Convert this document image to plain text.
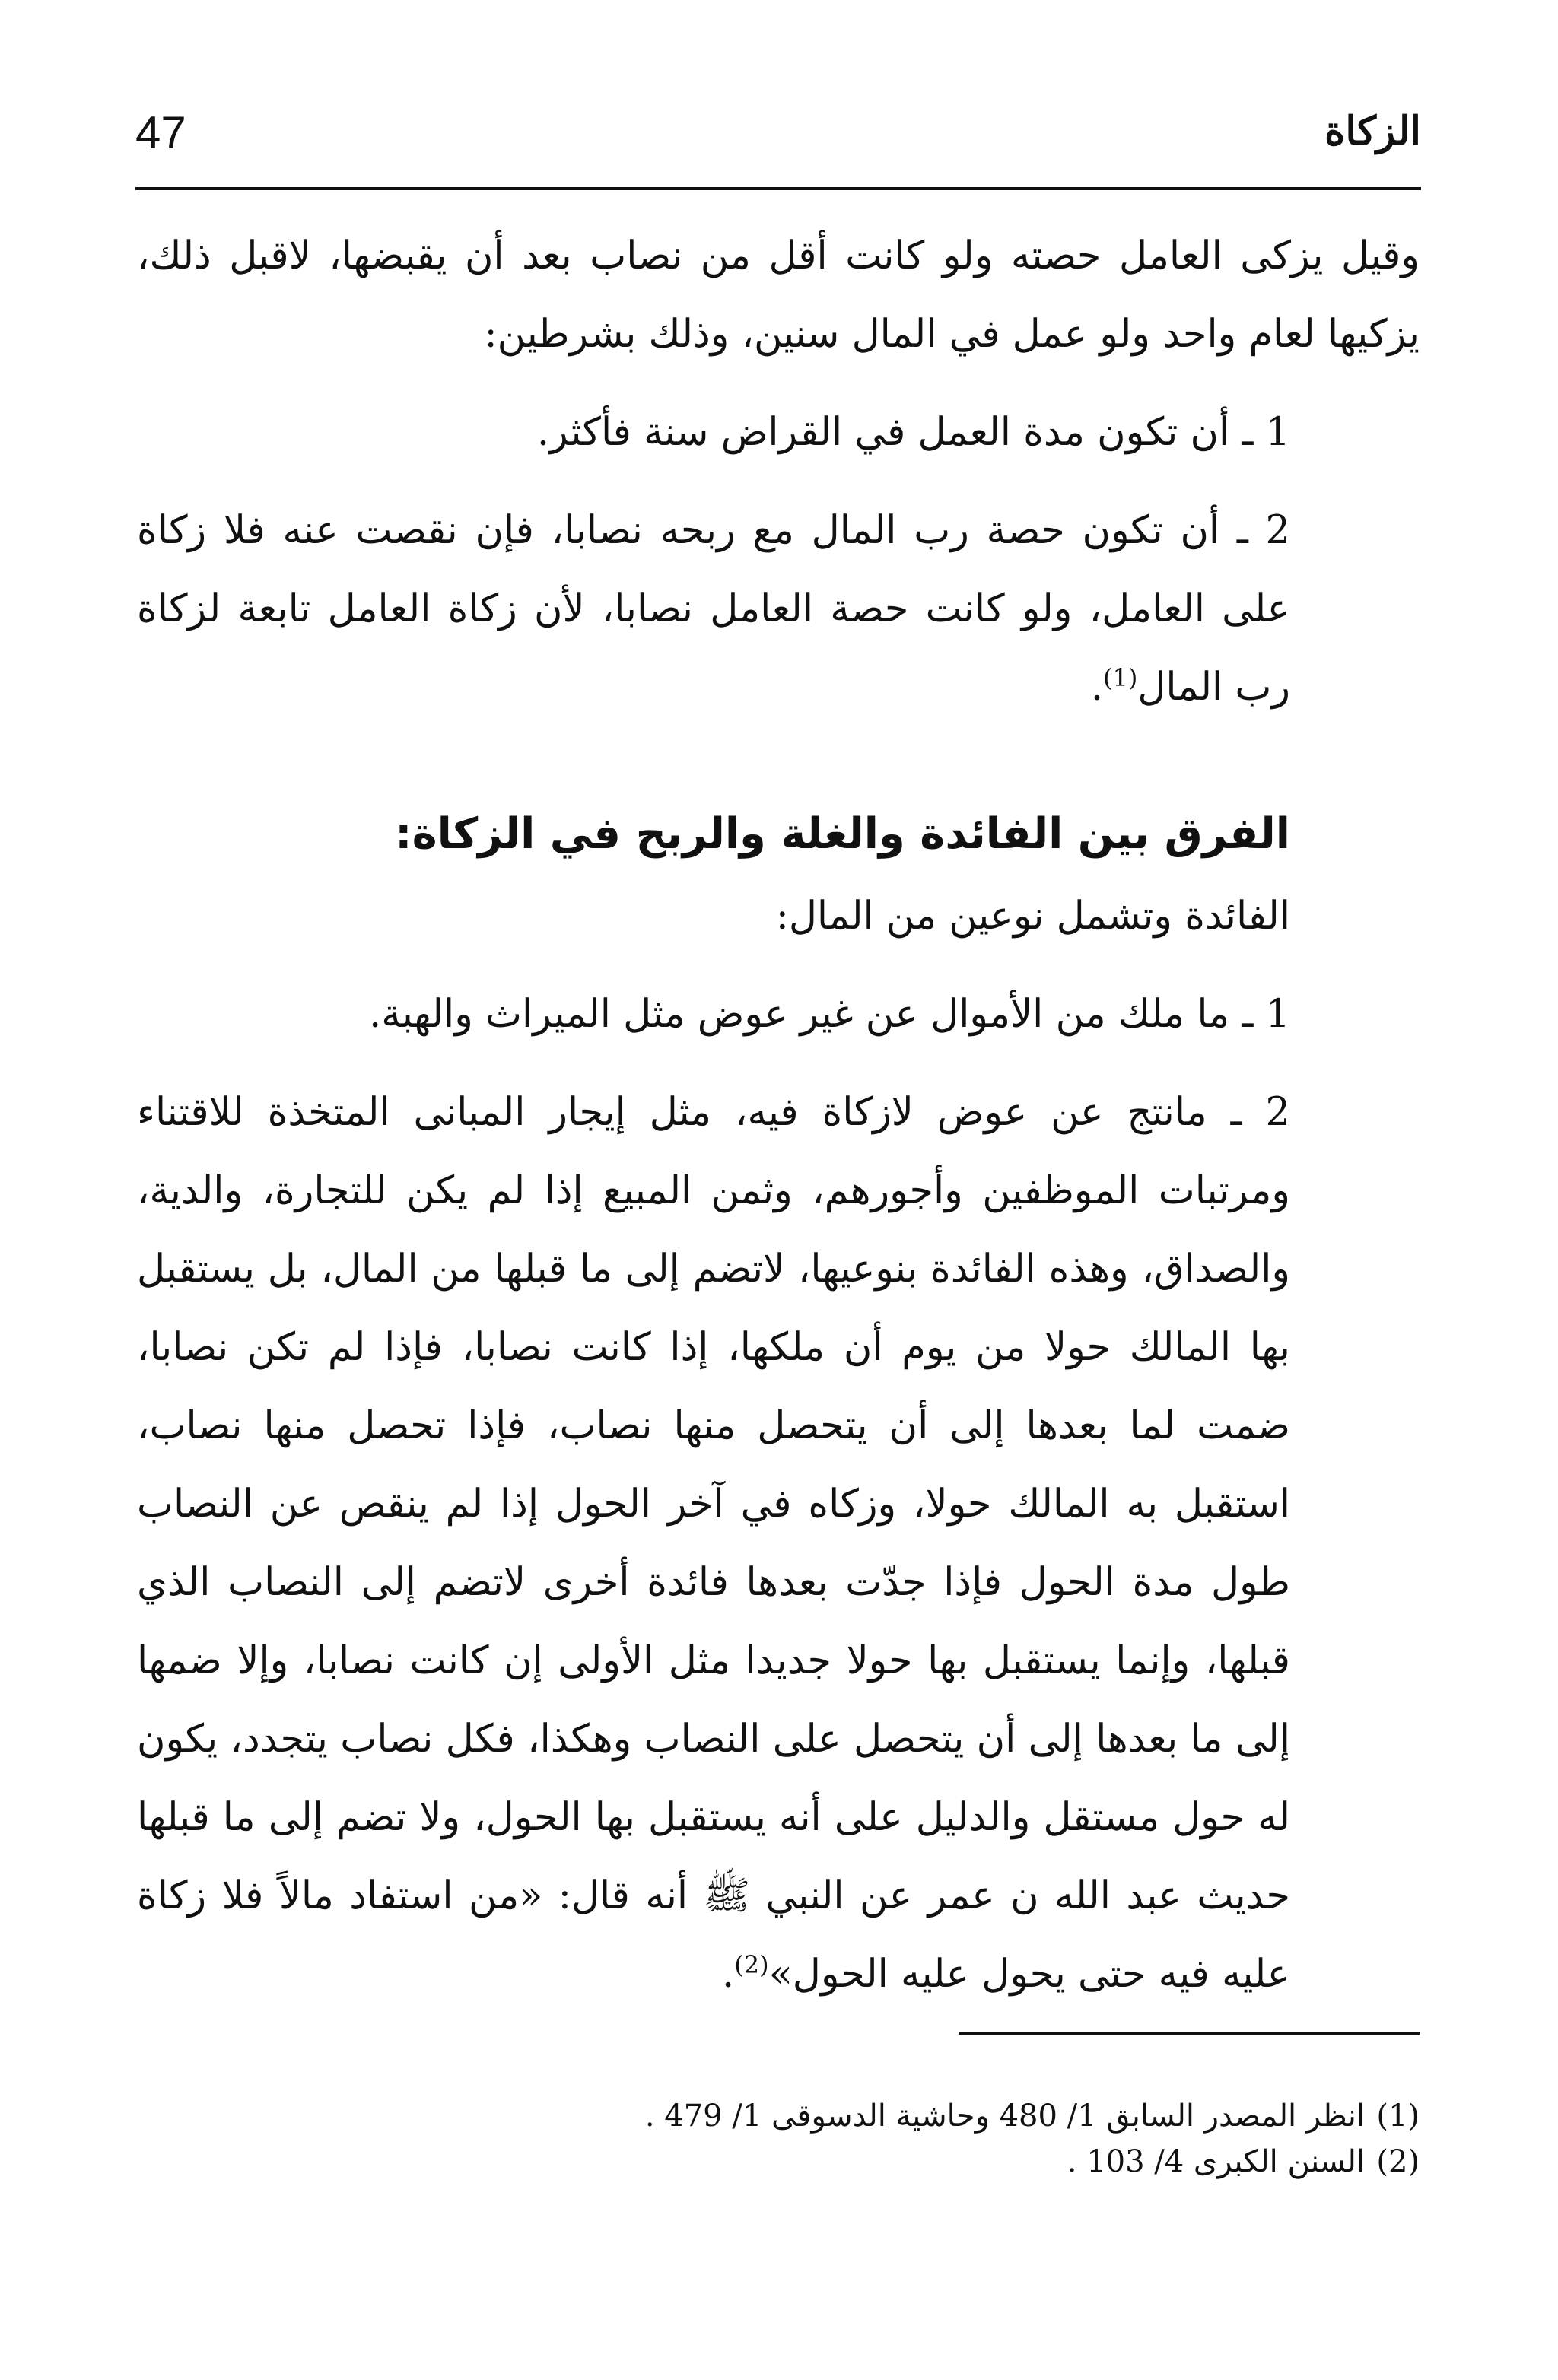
47	الزكاة

وقيل يزكى العامل حصته ولو كانت أقل من نصاب بعد أن يقبضها، لاقبل ذلك، يزكيها لعام واحد ولو عمل في المال سنين، وذلك بشرطين:

1 ـ أن تكون مدة العمل في القراض سنة فأكثر.

2 ـ أن تكون حصة رب المال مع ربحه نصابا، فإن نقصت عنه فلا زكاة على العامل، ولو كانت حصة العامل نصابا، لأن زكاة العامل تابعة لزكاة رب المال$^{(1)}$.

الفرق بين الفائدة والغلة والربح في الزكاة:

الفائدة وتشمل نوعين من المال:

1 ـ ما ملك من الأموال عن غير عوض مثل الميراث والهبة.

2 ـ مانتج عن عوض لازكاة فيه، مثل إيجار المبانى المتخذة للاقتناء ومرتبات الموظفين وأجورهم، وثمن المبيع إذا لم يكن للتجارة، والدية، والصداق، وهذه الفائدة بنوعيها، لاتضم إلى ما قبلها من المال، بل يستقبل بها المالك حولا من يوم أن ملكها، إذا كانت نصابا، فإذا لم تكن نصابا، ضمت لما بعدها إلى أن يتحصل منها نصاب، فإذا تحصل منها نصاب، استقبل به المالك حولا، وزكاه في آخر الحول إذا لم ينقص عن النصاب طول مدة الحول فإذا جدّت بعدها فائدة أخرى لاتضم إلى النصاب الذي قبلها، وإنما يستقبل بها حولا جديدا مثل الأولى إن كانت نصابا، وإلا ضمها إلى ما بعدها إلى أن يتحصل على النصاب وهكذا، فكل نصاب يتجدد، يكون له حول مستقل والدليل على أنه يستقبل بها الحول، ولا تضم إلى ما قبلها حديث عبد الله ن عمر عن النبي ﷺ أنه قال: «من استفاد مالاً فلا زكاة عليه فيه حتى يحول عليه الحول»$^{(2)}$.

(1)انظر المصدر السابق 1/ 480 وحاشية الدسوقى 1/ 479 .

(2)السنن الكبرى 4/ 103 .
